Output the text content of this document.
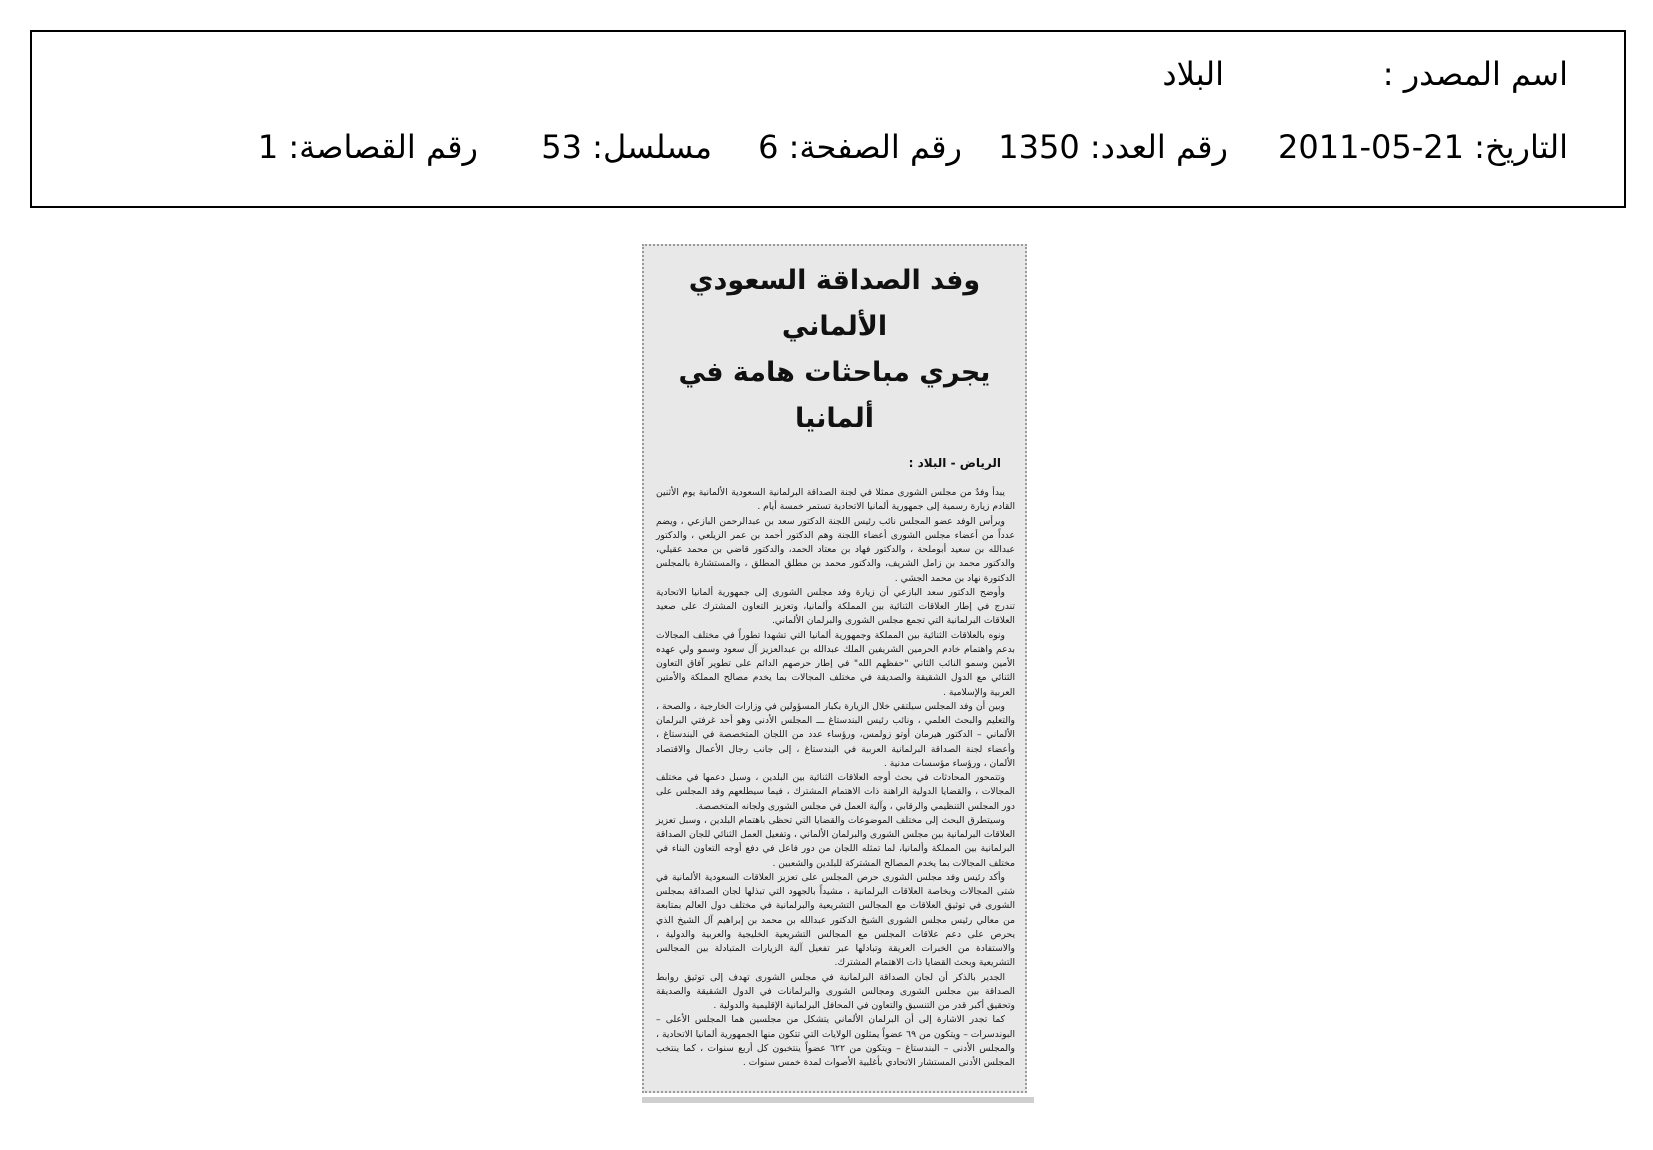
اسم المصدر :
البلاد
التاريخ: 21-05-2011
رقم العدد: 1350
رقم الصفحة: 6
مسلسل: 53
رقم القصاصة: 1
وفد الصداقة السعودي الألماني
يجري مباحثات هامة في ألمانيا
الرياض - البلاد :

يبدأ وفدٌ من مجلس الشورى ممثلا في لجنة الصداقة البرلمانية السعودية الألمانية يوم الأثنين القادم زيارة رسمية إلى جمهورية ألمانيا الاتحادية تستمر خمسة أيام .

ويرأس الوفد عضو المجلس نائب رئيس اللجنة الدكتور سعد بن عبدالرحمن البازعي ، ويضم عدداً من أعضاء مجلس الشورى أعضاء اللجنة وهم الدكتور أحمد بن عمر الزيلعي ، والدكتور عبدالله بن سعيد أبوملحة ، والدكتور فهاد بن معتاد الحمد، والدكتور قاضي بن محمد عقيلي، والدكتور محمد بن زامل الشريف، والدكتور محمد بن مطلق المطلق ، والمستشارة بالمجلس الدكتورة نهاد بن محمد الجشي .

وأوضح الدكتور سعد البازعي أن زيارة وفد مجلس الشورى إلى جمهورية ألمانيا الاتحادية تندرج في إطار العلاقات الثنائية بين المملكة وألمانيا، وتعزيز التعاون المشترك على صعيد العلاقات البرلمانية التي تجمع مجلس الشورى والبرلمان الألماني.

ونوه بالعلاقات الثنائية بين المملكة وجمهورية ألمانيا التي تشهدا تطوراً في مختلف المجالات بدعم واهتمام خادم الحرمين الشريفين الملك عبدالله بن عبدالعزيز آل سعود وسمو ولي عهده الأمين وسمو النائب الثاني "حفظهم الله" في إطار حرصهم الدائم على تطوير آفاق التعاون الثنائي مع الدول الشقيقة والصديقة في مختلف المجالات بما يخدم مصالح المملكة والأمتين العربية والإسلامية .

وبين أن وفد المجلس سيلتقي خلال الزيارة بكبار المسؤولين في وزارات الخارجية ، والصحة ، والتعليم والبحث العلمي ، ونائب رئيس البندستاغ ـــ المجلس الأدنى وهو أحد غرفتي البرلمان الألماني – الدكتور هيرمان أوتو زولمس، ورؤساء عدد من اللجان المتخصصة في البندستاغ ، وأعضاء لجنة الصداقة البرلمانية العربية في البندستاغ ، إلى جانب رجال الأعمال والاقتصاد الألمان ، ورؤساء مؤسسات مدنية .

وتتمحور المحادثات في بحث أوجه العلاقات الثنائية بين البلدين ، وسبل دعمها في مختلف المجالات ، والقضايا الدولية الراهنة ذات الاهتمام المشترك ، فيما سيطلعهم وفد المجلس على دور المجلس التنظيمي والرقابي ، وآلية العمل في مجلس الشورى ولجانه المتخصصة.

وسيتطرق البحث إلى مختلف الموضوعات والقضايا التي تحظى باهتمام البلدين ، وسبل تعزيز العلاقات البرلمانية بين مجلس الشورى والبرلمان الألماني ، وتفعيل العمل الثنائي للجان الصداقة البرلمانية بين المملكة وألمانيا، لما تمثله اللجان من دور فاعل في دفع أوجه التعاون البناء في مختلف المجالات بما يخدم المصالح المشتركة للبلدين والشعبين .

وأكد رئيس وفد مجلس الشورى حرص المجلس على تعزيز العلاقات السعودية الألمانية في شتى المجالات وبخاصة العلاقات البرلمانية ، مشيداً بالجهود التي تبذلها لجان الصداقة بمجلس الشورى في توثيق العلاقات مع المجالس التشريعية والبرلمانية في مختلف دول العالم بمتابعة من معالي رئيس مجلس الشورى الشيخ الدكتور عبدالله بن محمد بن إبراهيم آل الشيخ الذي يحرص على دعم علاقات المجلس مع المجالس التشريعية الخليجية والعربية والدولية ، والاستفادة من الخبرات العريقة وتبادلها عبر تفعيل آلية الزيارات المتبادلة بين المجالس التشريعية وبحث القضايا ذات الاهتمام المشترك.

الجدير بالذكر أن لجان الصداقة البرلمانية في مجلس الشورى تهدف إلى توثيق روابط الصداقة بين مجلس الشورى ومجالس الشورى والبرلمانات في الدول الشقيقة والصديقة وتحقيق أكبر قدر من التنسيق والتعاون في المحافل البرلمانية الإقليمية والدولية .

كما تجدر الاشارة إلى أن البرلمان الألماني يتشكل من مجلسين هما المجلس الأعلى – البوندسرات – ويتكون من ٦٩ عضواً يمثلون الولايات التي تتكون منها الجمهورية ألمانيا الاتحادية ، والمجلس الأدنى – البندستاغ – ويتكون من ٦٢٢ عضواً ينتخبون كل أربع سنوات ، كما ينتخب المجلس الأدنى المستشار الاتحادي بأغلبية الأصوات لمدة خمس سنوات .
